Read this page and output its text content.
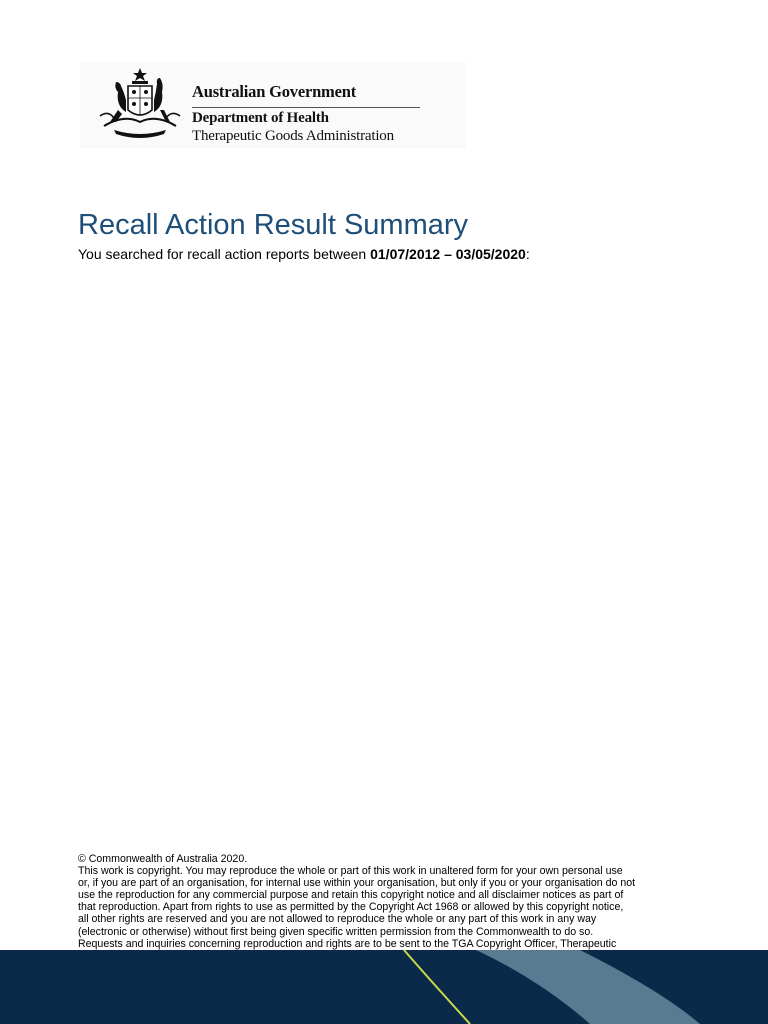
Australian Government
Department of Health
Therapeutic Goods Administration
Recall Action Result Summary
You searched for recall action reports between 01/07/2012 – 03/05/2020:
© Commonwealth of Australia 2020.
This work is copyright. You may reproduce the whole or part of this work in unaltered form for your own personal use
or, if you are part of an organisation, for internal use within your organisation, but only if you or your organisation do not
use the reproduction for any commercial purpose and retain this copyright notice and all disclaimer notices as part of
that reproduction. Apart from rights to use as permitted by the Copyright Act 1968 or allowed by this copyright notice,
all other rights are reserved and you are not allowed to reproduce the whole or any part of this work in any way
(electronic or otherwise) without first being given specific written permission from the Commonwealth to do so.
Requests and inquiries concerning reproduction and rights are to be sent to the TGA Copyright Officer, Therapeutic
